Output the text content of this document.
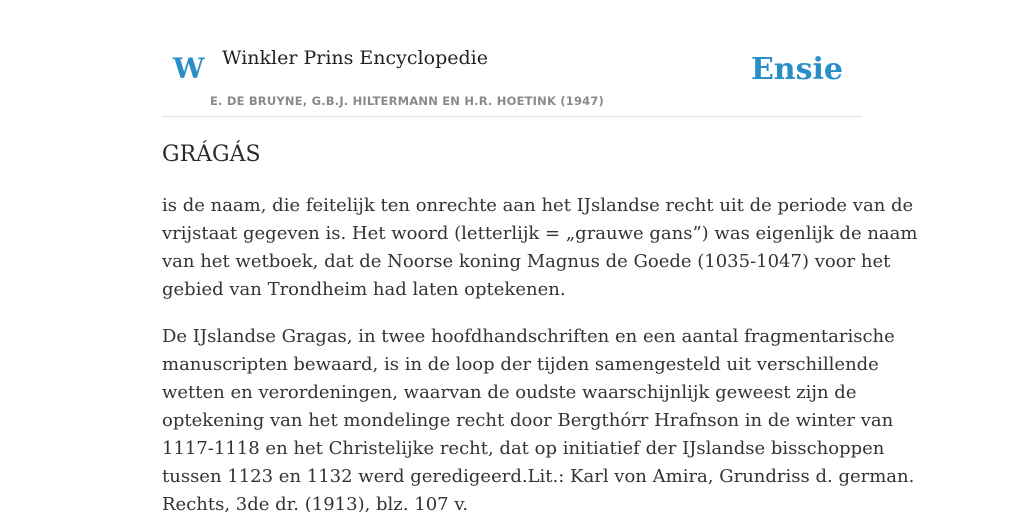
W Winkler Prins Encyclopedie
E. DE BRUYNE, G.B.J. HILTERMANN EN H.R. HOETINK (1947)
Ensie
GRÁGÁS

is de naam, die feitelijk ten onrechte aan het IJslandse recht uit de periode van de
vrijstaat gegeven is. Het woord (letterlijk = „grauwe gans”) was eigenlijk de naam
van het wetboek, dat de Noorse koning Magnus de Goede (1035-1047) voor het
gebied van Trondheim had laten optekenen.

De IJslandse Gragas, in twee hoofdhandschriften en een aantal fragmentarische
manuscripten bewaard, is in de loop der tijden samengesteld uit verschillende
wetten en verordeningen, waarvan de oudste waarschijnlijk geweest zijn de
optekening van het mondelinge recht door Bergthórr Hrafnson in de winter van
1117-1118 en het Christelijke recht, dat op initiatief der IJslandse bisschoppen
tussen 1123 en 1132 werd geredigeerd.Lit.: Karl von Amira, Grundriss d. german.
Rechts, 3de dr. (1913), blz. 107 v.
